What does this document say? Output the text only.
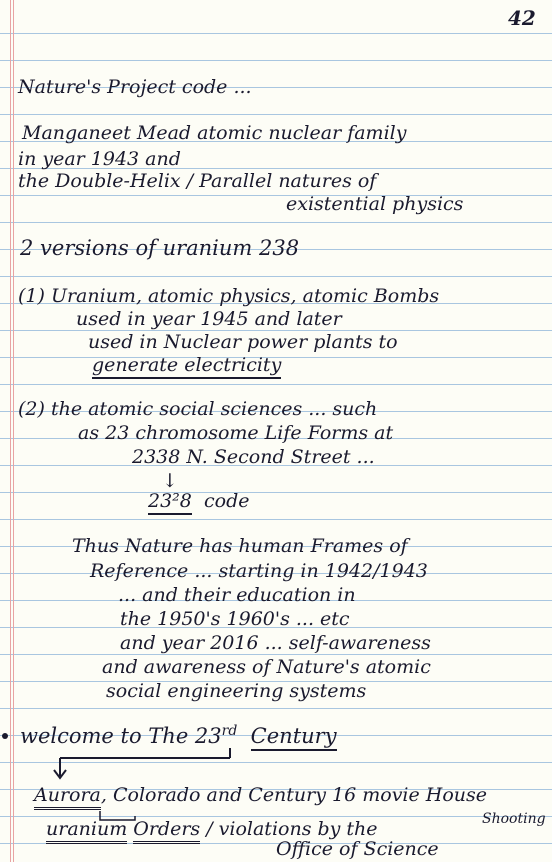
42
Nature's Project code ...
Manganeet Mead atomic nuclear family
in year 1943 and
the Double-Helix / Parallel natures of
existential physics
2 versions of uranium 238
(1) Uranium, atomic physics, atomic Bombs
used in year 1945 and later
used in Nuclear power plants to
generate electricity
(2) the atomic social sciences ... such
as 23 chromosome Life Forms at
2338 N. Second Street ...
↓
23²8 code
Thus Nature has human Frames of
Reference ... starting in 1942/1943
... and their education in
the 1950's 1960's ... etc
and year 2016 ... self-awareness
and awareness of Nature's atomic
social engineering systems
welcome to The 23rd Century
Aurora, Colorado and Century 16 movie House
Shooting
uranium Orders / violations by the
Office of Science
